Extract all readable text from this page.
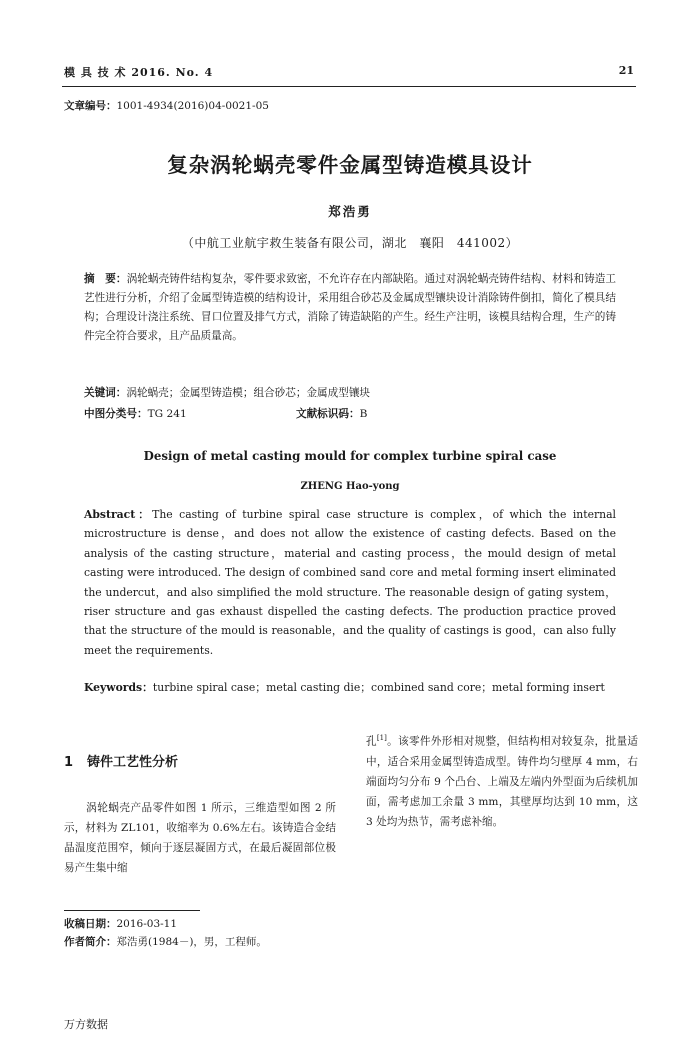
模 具 技 术 2016. No. 4	21
文章编号：1001-4934(2016)04-0021-05
复杂涡轮蜗壳零件金属型铸造模具设计
郑浩勇
（中航工业航宇救生装备有限公司，湖北　襄阳　441002）
摘　要：涡轮蜗壳铸件结构复杂，零件要求致密，不允许存在内部缺陷。通过对涡轮蜗壳铸件结构、材料和铸造工艺性进行分析，介绍了金属型铸造模的结构设计，采用组合砂芯及金属成型镶块设计消除铸件倒扣，简化了模具结构；合理设计浇注系统、冒口位置及排气方式，消除了铸造缺陷的产生。经生产注明，该模具结构合理，生产的铸件完全符合要求，且产品质量高。
关键词：涡轮蜗壳；金属型铸造模；组合砂芯；金属成型镶块
中图分类号：TG 241	文献标识码：B
Design of metal casting mould for complex turbine spiral case
ZHENG Hao-yong
Abstract：The casting of turbine spiral case structure is complex，of which the internal microstructure is dense，and does not allow the existence of casting defects. Based on the analysis of the casting structure，material and casting process，the mould design of metal casting were introduced. The design of combined sand core and metal forming insert eliminated the undercut，and also simplified the mold structure. The reasonable design of gating system，riser structure and gas exhaust dispelled the casting defects. The production practice proved that the structure of the mould is reasonable，and the quality of castings is good，can also fully meet the requirements.
Keywords：turbine spiral case；metal casting die；combined sand core；metal forming insert
1 铸件工艺性分析
　　涡轮蜗壳产品零件如图 1 所示，三维造型如图 2 所示，材料为 ZL101，收缩率为 0.6%左右。该铸造合金结晶温度范围窄，倾向于逐层凝固方式，在最后凝固部位极易产生集中缩
孔[1]。该零件外形相对规整，但结构相对较复杂，批量适中，适合采用金属型铸造成型。铸件均匀壁厚 4 mm，右端面均匀分布 9 个凸台、上端及左端内外型面为后续机加面，需考虑加工余量 3 mm，其壁厚均达到 10 mm，这 3 处均为热节，需考虑补缩。
收稿日期：2016-03-11
作者简介：郑浩勇(1984－)，男，工程师。
万方数据
